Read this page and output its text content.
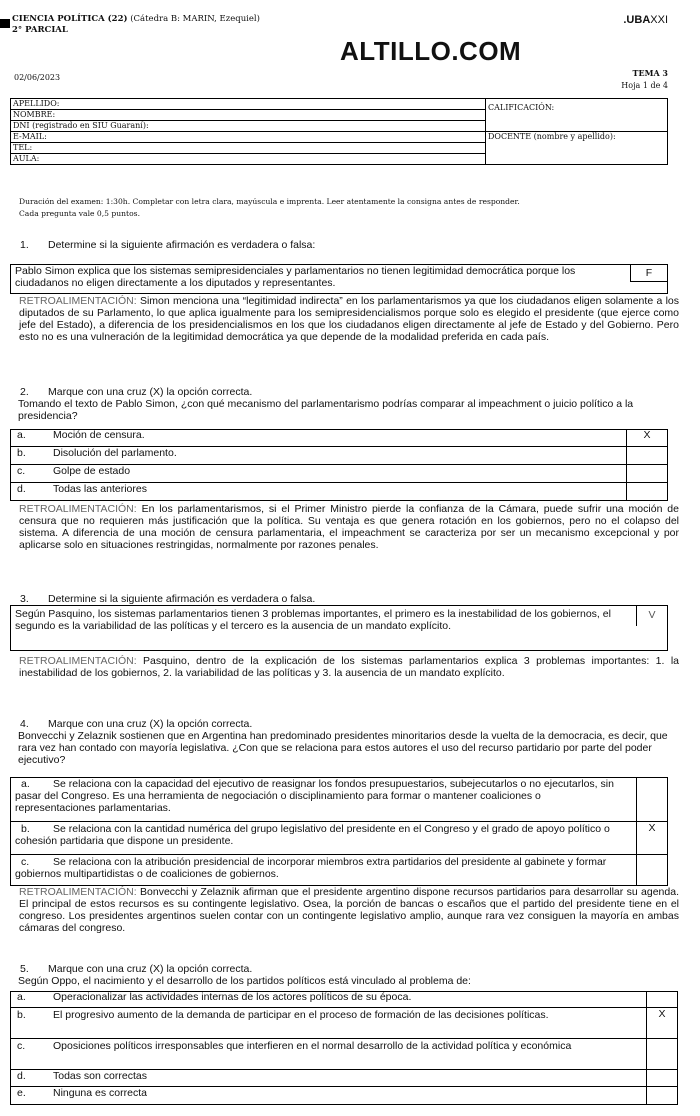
CIENCIA POLÍTICA (22) (Cátedra B: MARIN, Ezequiel)
2° PARCIAL
.UBAXXI
ALTILLO.COM
02/06/2023	TEMA 3
Hoja 1 de 4
APELLIDO:	CALIFICACIÓN:
NOMBRE:	
DNI (registrado en SIU Guaraní):	
E-MAIL:	DOCENTE (nombre y apellido):
TEL:	
AULA:	
Duración del examen: 1:30h. Completar con letra clara, mayúscula e imprenta. Leer atentamente la consigna antes de responder.
Cada pregunta vale 0,5 puntos.
1. Determine si la siguiente afirmación es verdadera o falsa:
Pablo Simon explica que los sistemas semipresidenciales y parlamentarios no tienen legitimidad democrática porque los ciudadanos no eligen directamente a los diputados y representantes.
F
RETROALIMENTACIÓN: Simon menciona una “legitimidad indirecta” en los parlamentarismos ya que los ciudadanos eligen solamente a los diputados de su Parlamento, lo que aplica igualmente para los semipresidencialismos porque solo es elegido el presidente (que ejerce como jefe del Estado), a diferencia de los presidencialismos en los que los ciudadanos eligen directamente al jefe de Estado y del Gobierno. Pero esto no es una vulneración de la legitimidad democrática ya que depende de la modalidad preferida en cada país.
2. Marque con una cruz (X) la opción correcta.
Tomando el texto de Pablo Simon, ¿con qué mecanismo del parlamentarismo podrías comparar al impeachment o juicio político a la presidencia?
a.	Moción de censura.	X
b.	Disolución del parlamento.
c.	Golpe de estado
d.	Todas las anteriores
RETROALIMENTACIÓN: En los parlamentarismos, si el Primer Ministro pierde la confianza de la Cámara, puede sufrir una moción de censura que no requieren más justificación que la política. Su ventaja es que genera rotación en los gobiernos, pero no el colapso del sistema. A diferencia de una moción de censura parlamentaria, el impeachment se caracteriza por ser un mecanismo excepcional y por aplicarse solo en situaciones restringidas, normalmente por razones penales.
3. Determine si la siguiente afirmación es verdadera o falsa.
Según Pasquino, los sistemas parlamentarios tienen 3 problemas importantes, el primero es la inestabilidad de los gobiernos, el segundo es la variabilidad de las políticas y el tercero es la ausencia de un mandato explícito.
V
RETROALIMENTACIÓN: Pasquino, dentro de la explicación de los sistemas parlamentarios explica 3 problemas importantes: 1. la inestabilidad de los gobiernos, 2. la variabilidad de las políticas y 3. la ausencia de un mandato explícito.
4. Marque con una cruz (X) la opción correcta.
Bonvecchi y Zelaznik sostienen que en Argentina han predominado presidentes minoritarios desde la vuelta de la democracia, es decir, que rara vez han contado con mayoría legislativa. ¿Con que se relaciona para estos autores el uso del recurso partidario por parte del poder ejecutivo?
a. Se relaciona con la capacidad del ejecutivo de reasignar los fondos presupuestarios, subejecutarlos o no ejecutarlos, sin pasar del Congreso. Es una herramienta de negociación o disciplinamiento para formar o mantener coaliciones o representaciones parlamentarias.
b. Se relaciona con la cantidad numérica del grupo legislativo del presidente en el Congreso y el grado de apoyo político o cohesión partidaria que dispone un presidente.
X
c. Se relaciona con la atribución presidencial de incorporar miembros extra partidarios del presidente al gabinete y formar gobiernos multipartidistas o de coaliciones de gobiernos.
RETROALIMENTACIÓN: Bonvecchi y Zelaznik afirman que el presidente argentino dispone recursos partidarios para desarrollar su agenda. El principal de estos recursos es su contingente legislativo. Osea, la porción de bancas o escaños que el partido del presidente tiene en el congreso. Los presidentes argentinos suelen contar con un contingente legislativo amplio, aunque rara vez consiguen la mayoría en ambas cámaras del congreso.
5. Marque con una cruz (X) la opción correcta.
Según Oppo, el nacimiento y el desarrollo de los partidos políticos está vinculado al problema de:
a.	Operacionalizar las actividades internas de los actores políticos de su época.
b.	El progresivo aumento de la demanda de participar en el proceso de formación de las decisiones políticas.	X
c.	Oposiciones políticos irresponsables que interfieren en el normal desarrollo de la actividad política y económica
d.	Todas son correctas
e.	Ninguna es correcta
